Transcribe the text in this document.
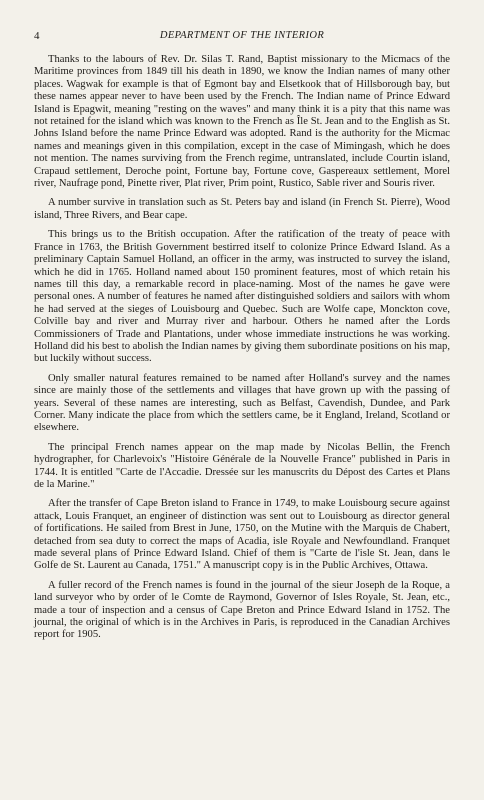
4	DEPARTMENT OF THE INTERIOR

Thanks to the labours of Rev. Dr. Silas T. Rand, Baptist missionary to the Micmacs of the Maritime provinces from 1849 till his death in 1890, we know the Indian names of many other places. Wagwak for example is that of Egmont bay and Elsetkook that of Hillsborough bay, but these names appear never to have been used by the French. The Indian name of Prince Edward Island is Epagwit, meaning "resting on the waves" and many think it is a pity that this name was not retained for the island which was known to the French as Île St. Jean and to the English as St. Johns Island before the name Prince Edward was adopted. Rand is the authority for the Micmac names and meanings given in this compilation, except in the case of Mimingash, which he does not mention. The names surviving from the French regime, untranslated, include Courtin island, Crapaud settlement, Deroche point, Fortune bay, Fortune cove, Gaspereaux settlement, Morel river, Naufrage pond, Pinette river, Plat river, Prim point, Rustico, Sable river and Souris river.

A number survive in translation such as St. Peters bay and island (in French St. Pierre), Wood island, Three Rivers, and Bear cape.

This brings us to the British occupation. After the ratification of the treaty of peace with France in 1763, the British Government bestirred itself to colonize Prince Edward Island. As a preliminary Captain Samuel Holland, an officer in the army, was instructed to survey the island, which he did in 1765. Holland named about 150 prominent features, most of which retain his names till this day, a remarkable record in place-naming. Most of the names he gave were personal ones. A number of features he named after distinguished soldiers and sailors with whom he had served at the sieges of Louisbourg and Quebec. Such are Wolfe cape, Monckton cove, Colville bay and river and Murray river and harbour. Others he named after the Lords Commissioners of Trade and Plantations, under whose immediate instructions he was working. Holland did his best to abolish the Indian names by giving them subordinate positions on his map, but luckily without success.

Only smaller natural features remained to be named after Holland's survey and the names since are mainly those of the settlements and villages that have grown up with the passing of years. Several of these names are interesting, such as Belfast, Cavendish, Dundee, and Park Corner. Many indicate the place from which the settlers came, be it England, Ireland, Scotland or elsewhere.

The principal French names appear on the map made by Nicolas Bellin, the French hydrographer, for Charlevoix's "Histoire Générale de la Nouvelle France" published in Paris in 1744. It is entitled "Carte de l'Accadie. Dressée sur les manuscrits du Dépost des Cartes et Plans de la Marine."

After the transfer of Cape Breton island to France in 1749, to make Louisbourg secure against attack, Louis Franquet, an engineer of distinction was sent out to Louisbourg as director general of fortifications. He sailed from Brest in June, 1750, on the Mutine with the Marquis de Chabert, detached from sea duty to correct the maps of Acadia, isle Royale and Newfoundland. Franquet made several plans of Prince Edward Island. Chief of them is "Carte de l'isle St. Jean, dans le Golfe de St. Laurent au Canada, 1751." A manuscript copy is in the Public Archives, Ottawa.

A fuller record of the French names is found in the journal of the sieur Joseph de la Roque, a land surveyor who by order of le Comte de Raymond, Governor of Isles Royale, St. Jean, etc., made a tour of inspection and a census of Cape Breton and Prince Edward Island in 1752. The journal, the original of which is in the Archives in Paris, is reproduced in the Canadian Archives report for 1905.
